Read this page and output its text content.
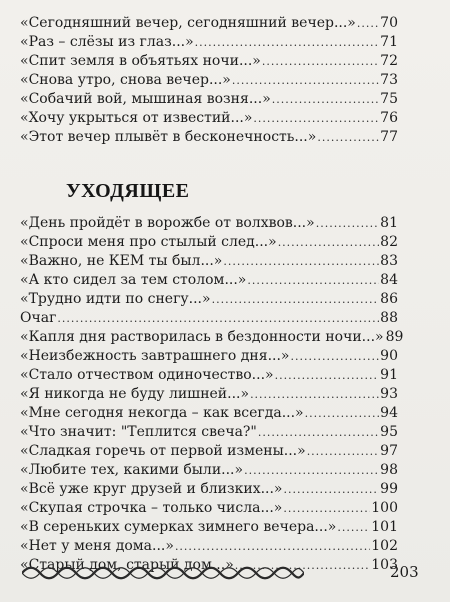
«Сегодняшний вечер, сегодняшний вечер...» ..... 70
«Раз – слёзы из глаз...» .....	71
«Спит земля в объятьях ночи...» .....	72
«Снова утро, снова вечер...» .....	73
«Собачий вой, мышиная возня...» .....	75
«Хочу укрыться от известий...» .....	76
«Этот вечер плывёт в бесконечность...» .....	77
УХОДЯЩЕЕ
«День пройдёт в ворожбе от волхвов...» .....	81
«Спроси меня про стылый след...» .....	82
«Важно, не КЕМ ты был...» .....	83
«А кто сидел за тем столом...» .....	84
«Трудно идти по снегу...» .....	86
Очаг .....	88
«Капля дня растворилась в бездонности ночи...» 89
«Неизбежность завтрашнего дня...» .....	90
«Стало отчеством одиночество...» .....	91
«Я никогда не буду лишней...» .....	93
«Мне сегодня некогда – как всегда...» .....	94
«Что значит: "Теплится свеча?" .....	95
«Сладкая горечь от первой измены...» .....	97
«Любите тех, какими были...» .....	98
«Всё уже круг друзей и близких...» .....	99
«Скупая строчка – только числа...» .....	100
«В сереньких сумерках зимнего вечера...» ..... 101
«Нет у меня дома...» .....	102
«Старый дом, старый дом...» .....	103
203
